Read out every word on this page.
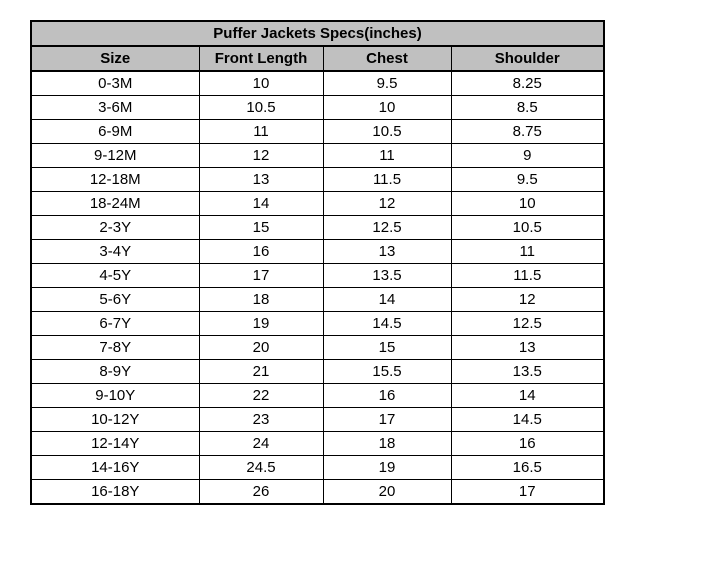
Puffer Jackets Specs(inches)			
Size	Front Length	Chest	Shoulder
0-3M	10	9.5	8.25
3-6M	10.5	10	8.5
6-9M	11	10.5	8.75
9-12M	12	11	9
12-18M	13	11.5	9.5
18-24M	14	12	10
2-3Y	15	12.5	10.5
3-4Y	16	13	11
4-5Y	17	13.5	11.5
5-6Y	18	14	12
6-7Y	19	14.5	12.5
7-8Y	20	15	13
8-9Y	21	15.5	13.5
9-10Y	22	16	14
10-12Y	23	17	14.5
12-14Y	24	18	16
14-16Y	24.5	19	16.5
16-18Y	26	20	17
